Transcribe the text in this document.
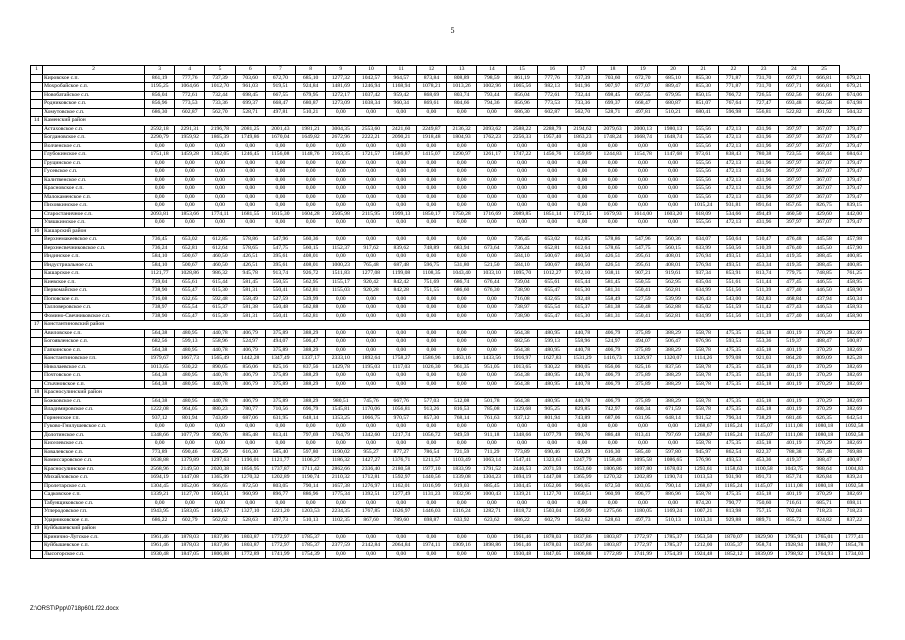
5
1	2	3	4	5	6	7	8	9	10	11	12	13	14	15	16	17	18	19	20	21	22	23	24	25	
	Кировское с.п.	861,19	777,76	737,39	703,60	672,70	685,10	1277,32	1042,57	964,57	873,84	808,89	798,59	861,19	777,76	737,39	703,60	672,70	685,10	855,30	771,87	731,70	697,71	666,81	679,21
	Мохробайское с.п.	1195,25	1064,66	1012,70	961,03	919,51	924,84	1481,69	1246,94	1168,94	1078,21	1013,26	1002,96	1065,56	982,13	941,96	907,97	877,07	889,47	855,30	771,87	731,70	697,71	666,81	679,21
	Новобатайское с.п.	856,04	772,61	732,44	698,45	667,55	679,95	1272,17	1037,42	959,42	868,69	803,74	793,44	856,04	772,61	732,44	698,45	667,55	679,95	850,15	766,72	726,55	692,56	661,66	674,06
	Родниковское с.п.	856,96	773,53	733,36	699,37	668,47	680,87	1273,09	1038,34	960,34	869,61	804,66	794,36	856,96	773,53	733,36	699,37	668,47	680,87	851,07	767,64	727,47	693,48	662,58	674,98
	Хомутовское с.п.	686,30	602,87	562,70	528,71	497,81	510,21	0,00	0,00	0,00	0,00	0,00	0,00	686,30	602,87	562,70	528,71	497,81	510,21	680,41	596,98	556,81	522,82	491,92	504,32
14	Каменский район																								
	Астаховское с.п.	2592,18	2291,31	2196,78	2081,25	2001,43	1981,21	3004,35	2553,60	2421,60	2249,87	2136,32	2093,62	2588,22	2288,79	2194,62	2079,63	2000,13	1980,13	555,56	472,13	431,96	397,97	367,07	379,47
	Богдановское с.п.	2290,79	1959,92	1865,39	1749,86	1670,04	1649,82	2672,96	2222,21	2090,21	1918,48	1804,93	1762,23	2256,33	1957,40	1863,23	1748,24	1668,74	1648,74	555,56	472,13	431,96	397,97	367,07	379,47
	Волченское с.п.	0,00	0,00	0,00	0,00	0,00	0,00	0,00	0,00	0,00	0,00	0,00	0,00	0,00	0,00	0,00	0,00	0,00	0,00	555,56	472,13	431,96	397,97	367,07	379,47
	Глубокинское с.п.	1751,18	1459,28	1362,05	1246,45	1156,08	1148,76	2163,35	1721,57	1586,87	1415,07	1290,97	1261,17	1747,22	1456,76	1359,89	1244,83	1154,78	1147,68	973,61	838,43	780,38	723,55	668,44	684,63
	Груцинское с.п.	0,00	0,00	0,00	0,00	0,00	0,00	0,00	0,00	0,00	0,00	0,00	0,00	0,00	0,00	0,00	0,00	0,00	0,00	555,56	472,13	431,96	397,97	367,07	379,47
	Гусевское с.п.	0,00	0,00	0,00	0,00	0,00	0,00	0,00	0,00	0,00	0,00	0,00	0,00	0,00	0,00	0,00	0,00	0,00	0,00	555,56	472,13	431,96	397,97	367,07	379,47
	Калитвенское с.п.	0,00	0,00	0,00	0,00	0,00	0,00	0,00	0,00	0,00	0,00	0,00	0,00	0,00	0,00	0,00	0,00	0,00	0,00	555,56	472,13	431,96	397,97	367,07	379,47
	Красновское с.п.	0,00	0,00	0,00	0,00	0,00	0,00	0,00	0,00	0,00	0,00	0,00	0,00	0,00	0,00	0,00	0,00	0,00	0,00	555,56	472,13	431,96	397,97	367,07	379,47
	Малокаменское с.п.	0,00	0,00	0,00	0,00	0,00	0,00	0,00	0,00	0,00	0,00	0,00	0,00	0,00	0,00	0,00	0,00	0,00	0,00	555,56	472,13	431,96	397,97	367,07	379,47
	Пиховкинское с.п.	0,00	0,00	0,00	0,00	0,00	0,00	0,00	0,00	0,00	0,00	0,00	0,00	0,00	0,00	0,00	0,00	0,00	0,00	1015,24	931,81	891,64	857,65	826,75	839,15
	Старостаничное с.п.	2093,81	1853,66	1774,11	1681,55	1615,30	1604,28	2505,98	2115,95	1999,13	1850,17	1750,28	1716,69	2089,85	1851,14	1772,15	1679,93	1614,00	1603,20	618,09	534,66	494,49	460,50	429,60	442,00
	Уляшкинское с.п.	0,00	0,00	0,00	0,00	0,00	0,00	0,00	0,00	0,00	0,00	0,00	0,00	0,00	0,00	0,00	0,00	0,00	0,00	555,56	472,13	431,96	397,97	367,07	379,47
16	Кашарский район																								
	Верхнемакеевское с.п.	736,45	653,02	612,85	578,86	547,96	560,36	0,00	0,00	0,00	0,00	0,00	0,00	736,45	653,02	612,85	578,86	547,96	560,36	634,07	550,64	510,47	476,48	445,58	457,98
	Верхнесвечниковское с.п.	736,24	652,81	612,64	578,65	547,75	560,15	1152,37	917,62	839,62	748,89	683,94	673,64	736,24	652,81	612,64	578,65	547,75	560,15	633,99	550,56	510,39	476,40	445,50	457,90
	Индинское с.п.	584,10	500,67	460,50	426,51	395,61	408,01	0,00	0,00	0,00	0,00	0,00	0,00	584,10	500,67	460,50	426,51	395,61	408,01	576,94	493,51	453,34	419,35	388,45	400,85
	Индустриальное с.п.	584,10	500,67	460,50	426,51	395,61	408,01	1000,23	765,48	687,48	596,75	531,80	521,50	584,10	500,67	460,50	426,51	395,61	408,01	576,94	493,51	453,34	419,35	388,45	400,85
	Кашарское с.п.	1121,77	1028,86	986,32	945,78	913,74	926,72	1511,83	1277,08	1199,08	1108,35	1043,40	1033,10	1095,70	1012,27	972,10	938,11	907,21	919,61	937,34	853,91	813,74	779,75	748,85	761,25
	Киевское с.п.	739,04	655,61	615,44	581,45	550,55	562,95	1155,17	920,42	842,42	751,69	686,74	676,44	739,04	655,61	615,44	581,45	550,55	562,95	635,04	551,61	511,44	477,45	446,55	458,95
	Первомайское с.п.	738,90	655,47	615,30	581,31	550,41	562,81	1155,03	920,28	842,28	751,55	686,60	676,30	738,90	655,47	615,30	581,31	550,41	562,81	634,99	551,56	511,39	477,40	446,50	458,90
	Поповское с.п.	716,08	632,65	592,48	558,49	527,59	539,99	0,00	0,00	0,00	0,00	0,00	0,00	716,08	632,65	592,48	558,49	527,59	539,99	626,43	543,00	502,83	468,84	437,94	450,34
	Талловеровское с.п.	738,97	655,54	615,37	581,38	550,48	562,88	0,00	0,00	0,00	0,00	0,00	0,00	738,97	655,54	615,37	581,38	550,48	562,88	635,02	551,59	511,42	477,43	446,53	458,93
	Фомино-Свечниковское с.п.	738,90	655,47	615,30	581,31	550,41	562,81	0,00	0,00	0,00	0,00	0,00	0,00	738,90	655,47	615,30	581,31	550,41	562,81	634,99	551,56	511,39	477,40	446,50	458,90
17	Константиновский район																								
	Авиловское с.п.	564,38	480,95	440,78	406,79	375,89	388,29	0,00	0,00	0,00	0,00	0,00	0,00	564,38	480,95	440,78	406,79	375,89	388,29	558,78	475,35	435,18	401,19	370,29	382,69
	Богоявленское с.п.	682,56	599,13	558,96	524,97	494,07	506,47	0,00	0,00	0,00	0,00	0,00	0,00	682,56	599,13	558,96	524,97	494,07	506,47	676,96	593,53	553,36	519,37	488,47	500,87
	Гапкинское с.п.	564,38	480,95	440,78	406,79	375,89	388,29	0,00	0,00	0,00	0,00	0,00	0,00	564,38	480,95	440,78	406,79	375,89	388,29	558,78	475,35	435,18	401,19	370,29	382,69
	Константиновское г.п.	1979,67	1667,73	1565,49	1442,28	1347,49	1337,17	2333,10	1892,64	1758,27	1586,96	1463,16	1433,56	1916,97	1627,83	1531,29	1416,73	1326,97	1320,07	1114,26	979,08	921,03	864,20	809,09	825,28
	Николаевское с.п.	1013,65	930,22	890,05	856,06	825,16	837,56	1429,78	1195,03	1117,03	1026,30	961,35	951,05	1013,65	930,22	890,05	856,06	825,16	837,56	558,78	475,35	435,18	401,19	370,29	382,69
	Почтовское с.п.	564,38	480,95	440,78	406,79	375,89	388,29	0,00	0,00	0,00	0,00	0,00	0,00	564,38	480,95	440,78	406,79	375,89	388,29	558,78	475,35	435,18	401,19	370,29	382,69
	Стычновское с.п.	564,38	480,95	440,78	406,79	375,89	388,29	0,00	0,00	0,00	0,00	0,00	0,00	564,38	480,95	440,78	406,79	375,89	388,29	558,78	475,35	435,18	401,19	370,29	382,69
18	Красносулинский район																								
	Божковское с.п.	564,38	480,95	440,78	406,79	375,89	388,29	980,51	745,76	667,76	577,03	512,08	501,78	564,38	480,95	440,78	406,79	375,89	388,29	558,78	475,35	435,18	401,19	370,29	382,69
	Владимировское с.п.	1222,08	964,05	880,23	780,77	710,56	696,79	1545,81	1170,06	1056,81	913,26	816,53	785,08	1129,68	905,25	829,85	742,97	680,34	671,59	558,78	475,35	435,18	401,19	370,29	382,69
	Горненское г.п.	937,12	801,94	743,89	687,06	631,95	648,14	1353,25	1066,75	970,57	857,30	768,14	761,63	937,12	801,94	743,89	687,06	631,95	648,14	931,52	796,34	738,29	681,46	626,35	642,54
	Гуково-Гнилушевское с.п.	0,00	0,00	0,00	0,00	0,00	0,00	0,00	0,00	0,00	0,00	0,00	0,00	0,00	0,00	0,00	0,00	0,00	0,00	1268,67	1185,24	1145,07	1111,08	1080,18	1092,58
	Долотинское с.п.	1348,66	1077,79	990,76	885,48	813,41	797,69	1764,79	1342,60	1217,74	1056,72	949,59	911,18	1348,66	1077,79	990,76	886,48	813,41	797,69	1268,67	1185,24	1145,07	1111,08	1080,18	1092,58
	Киселевское с.п.	0,00	0,00	0,00	0,00	0,00	0,00	0,00	0,00	0,00	0,00	0,00	0,00	0,00	0,00	0,00	0,00	0,00	0,00	558,78	475,35	435,18	401,19	370,29	382,69
	Ковалевское с.п.	773,89	690,46	650,29	616,30	585,40	597,80	1190,02	955,27	877,27	786,54	721,59	711,29	773,89	690,46	650,29	616,30	585,40	597,80	945,97	862,54	822,37	788,38	757,48	769,88
	Комиссаровское с.п.	1638,88	1379,89	1297,63	1196,01	1121,77	1106,27	1186,32	1427,27	1376,71	1211,57	1103,49	1063,14	1547,41	1323,63	1247,79	1158,48	1095,58	1086,65	576,96	493,53	453,36	419,37	388,47	400,87
	Красносулинское г.п.	2568,96	2149,50	2020,38	1856,95	1737,87	1711,42	2862,66	2336,40	2180,58	1977,10	1833,99	1791,52	2446,53	2071,59	1953,60	1806,86	1697,80	1678,03	1293,61	1158,63	1100,58	1043,75	988,64	1004,83
	Михайловское с.п.	1694,19	1447,08	1365,99	1270,32	1202,89	1190,74	2110,32	1712,81	1592,97	1440,56	1339,08	1304,23	1694,19	1447,08	1365,99	1270,32	1202,89	1190,74	1013,53	931,90	891,73	857,74	826,84	839,24
	Пролетарское с.п.	1304,45	1052,06	966,65	872,50	803,05	790,14	1657,38	1276,97	1162,01	1016,99	919,03	885,45	1304,45	1052,06	966,65	872,50	803,05	790,14	1268,67	1185,24	1145,07	1111,08	1080,18	1092,58
	Садковское с.п.	1339,21	1127,70	1050,51	960,99	896,77	886,96	1775,34	1392,51	1277,49	1131,23	1032,96	1000,43	1339,21	1127,70	1050,51	960,99	896,77	886,96	558,78	475,35	435,18	401,19	370,29	382,69
	Табунщиковское с.п.	0,00	0,00	0,00	0,00	0,00	0,00	0,00	0,00	0,00	0,00	0,00	0,00	0,00	0,00	0,00	0,00	0,00	0,00	874,20	790,77	750,60	716,61	685,71	698,11
	Углеродовское г.п.	1943,95	1583,05	1466,57	1327,10	1221,20	1203,53	2234,35	1767,85	1626,97	1446,03	1316,24	1282,71	1818,72	1503,04	1399,99	1275,66	1180,05	1169,24	1007,21	813,98	757,15	702,04	718,23	718,23
	Ударниковское с.п.	686,22	602,79	562,62	528,63	497,73	510,13	1102,35	867,60	789,60	698,87	633,92	623,62	686,22	602,79	562,62	528,63	497,73	510,13	1013,31	929,88	889,71	855,72	824,82	837,22
19	Куйбышевский район																								
	Кринично-Лугское с.п.	1961,46	1878,03	1837,86	1803,87	1772,97	1785,37	0,00	0,00	0,00	0,00	0,00	0,00	1961,46	1878,03	1837,86	1803,87	1772,97	1785,37	1953,50	1870,07	1829,90	1795,91	1765,01	1777,41
	Куйбышевское с.п.	1961,46	1878,03	1837,86	1803,87	1772,97	1785,37	2377,59	2142,84	2064,84	1974,11	1909,16	1898,86	1961,46	1878,03	1837,86	1803,87	1772,97	1785,37	1212,00	1035,37	958,74	1928,94	1888,77	1854,78
	Лысогорское с.п.	1930,48	1847,05	1806,88	1772,89	1741,99	1754,39	0,00	0,00	0,00	0,00	0,00	0,00	1930,48	1847,05	1806,88	1772,89	1741,99	1754,39	1924,48	1852,12	1839,09	1798,92	1764,93	1734,03
Z:\ORST\Ppp\0718p601.f22.docx
